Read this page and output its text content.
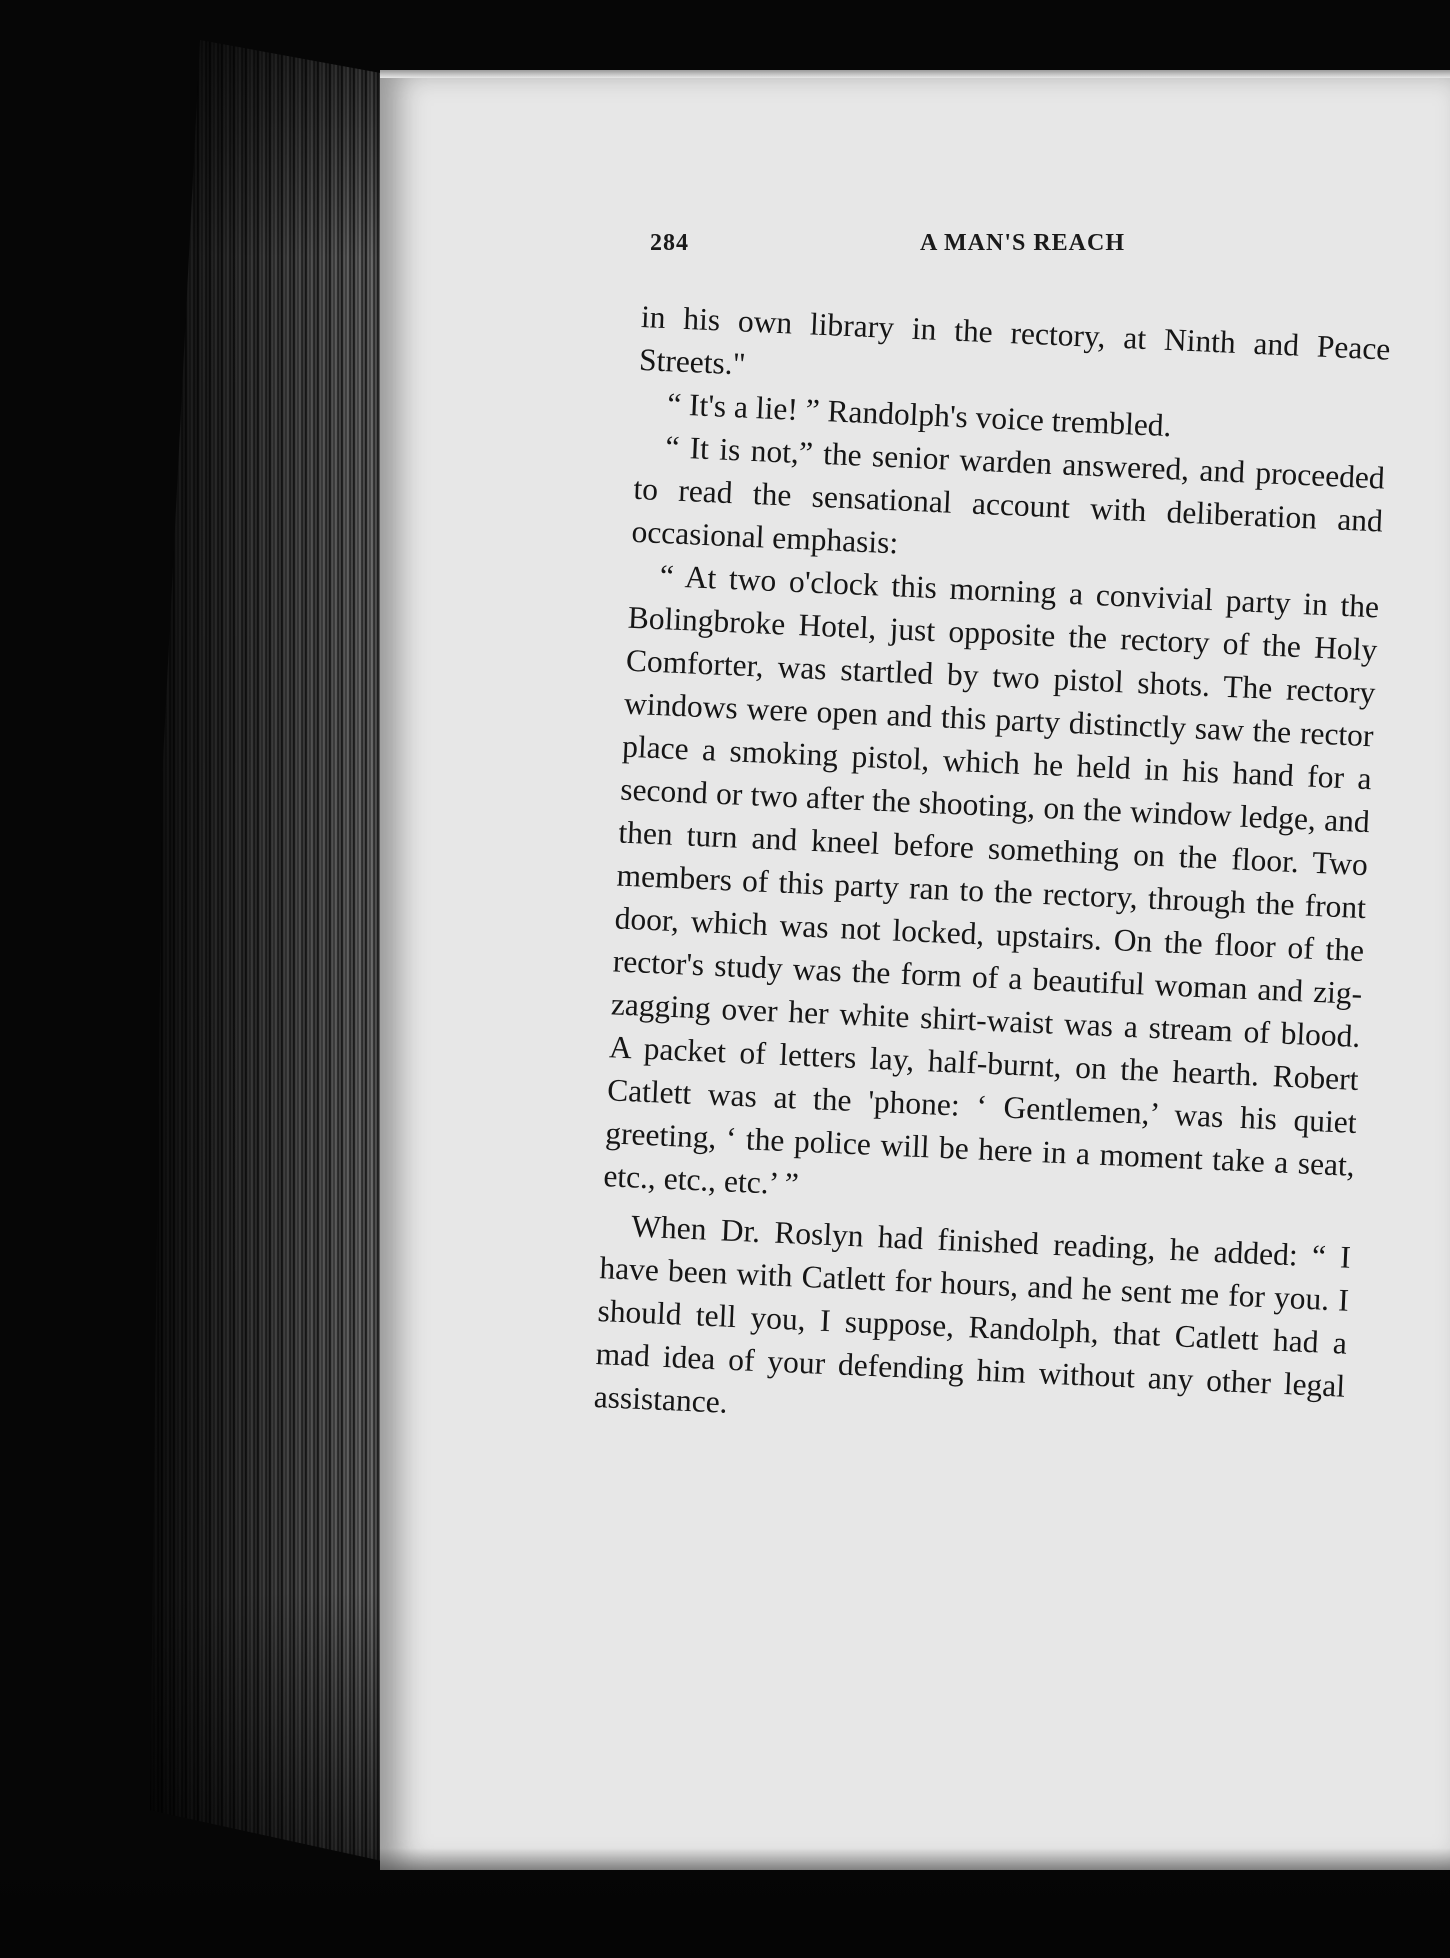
284	A MAN'S REACH

in his own library in the rectory, at Ninth and Peace Streets."

“ It's a lie! ” Randolph's voice trembled.

“ It is not,” the senior warden answered, and proceeded to read the sensational account with deliberation and occasional emphasis:

“ At two o'clock this morning a convivial party in the Bolingbroke Hotel, just opposite the rectory of the Holy Comforter, was startled by two pistol shots. The rectory windows were open and this party distinctly saw the rector place a smoking pistol, which he held in his hand for a second or two after the shooting, on the window ledge, and then turn and kneel before something on the floor. Two members of this party ran to the rectory, through the front door, which was not locked, upstairs. On the floor of the rector's study was the form of a beautiful woman and zig-zagging over her white shirt-waist was a stream of blood. A packet of letters lay, half-burnt, on the hearth. Robert Catlett was at the 'phone: ‘ Gentlemen,’ was his quiet greeting, ‘ the police will be here in a moment take a seat, etc., etc., etc.’ ”

When Dr. Roslyn had finished reading, he added: “ I have been with Catlett for hours, and he sent me for you. I should tell you, I suppose, Randolph, that Catlett had a mad idea of your defending him without any other legal assistance.
